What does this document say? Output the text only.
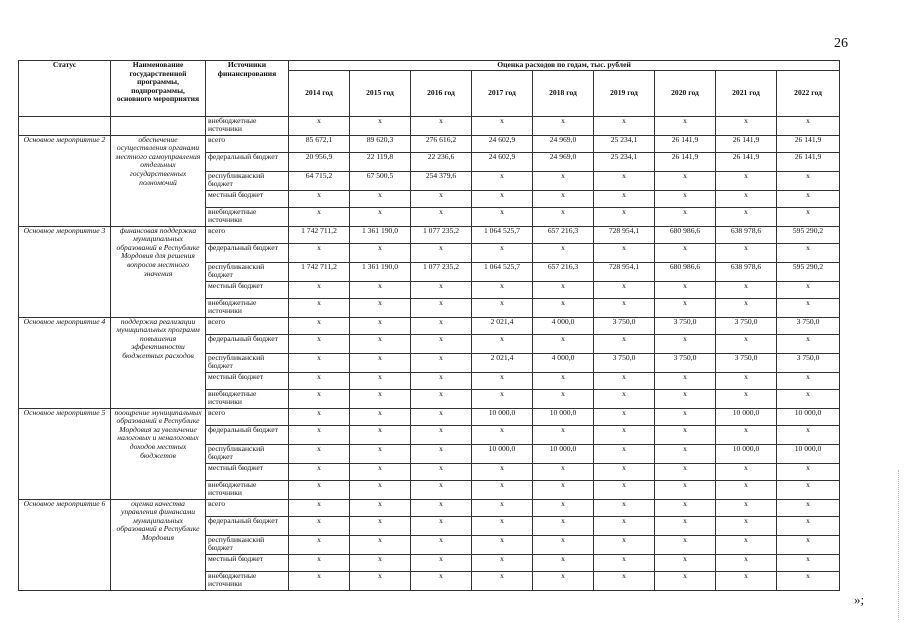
26
Статус	Наименование государственной программы, подпрограммы, основного мероприятия	Источники финансирования	Оценка расходов по годам, тыс. рублей								
			2014 год	2015 год	2016 год	2017 год	2018 год	2019 год	2020 год	2021 год	2022 год
		внебюджетные источники	x	x	x	x	x	x	x	x	x
Основное мероприятие 2	обеспечение осуществления органами местного самоуправления отдельных государственных полномочий	всего	85 672,1	89 620,3	276 616,2	24 602,9	24 969,0	25 234,1	26 141,9	26 141,9	26 141,9
		федеральный бюджет	20 956,9	22 119,8	22 236,6	24 602,9	24 969,0	25 234,1	26 141,9	26 141,9	26 141,9
		республиканский бюджет	64 715,2	67 500,5	254 379,6	x	x	x	x	x	x
		местный бюджет	x	x	x	x	x	x	x	x	x
		внебюджетные источники	x	x	x	x	x	x	x	x	x
Основное мероприятие 3	финансовая поддержка муниципальных образований в Республике Мордовия для решения вопросов местного значения	всего	1 742 711,2	1 361 190,0	1 077 235,2	1 064 525,7	657 216,3	728 954,1	680 986,6	638 978,6	595 290,2
		федеральный бюджет	x	x	x	x	x	x	x	x	x
		республиканский бюджет	1 742 711,2	1 361 190,0	1 077 235,2	1 064 525,7	657 216,3	728 954,1	680 986,6	638 978,6	595 290,2
		местный бюджет	x	x	x	x	x	x	x	x	x
		внебюджетные источники	x	x	x	x	x	x	x	x	x
Основное мероприятие 4	поддержка реализации муниципальных программ повышения эффективности бюджетных расходов	всего	x	x	x	2 021,4	4 000,0	3 750,0	3 750,0	3 750,0	3 750,0
		федеральный бюджет	x	x	x	x	x	x	x	x	x
		республиканский бюджет	x	x	x	2 021,4	4 000,0	3 750,0	3 750,0	3 750,0	3 750,0
		местный бюджет	x	x	x	x	x	x	x	x	x
		внебюджетные источники	x	x	x	x	x	x	x	x	x
Основное мероприятие 5	поощрение муниципальных образований в Республике Мордовия за увеличение налоговых и неналоговых доходов местных бюджетов	всего	x	x	x	10 000,0	10 000,0	x	x	10 000,0	10 000,0
		федеральный бюджет	x	x	x	x	x	x	x	x	x
		республиканский бюджет	x	x	x	10 000,0	10 000,0	x	x	10 000,0	10 000,0
		местный бюджет	x	x	x	x	x	x	x	x	x
		внебюджетные источники	x	x	x	x	x	x	x	x	x
Основное мероприятие 6	оценка качества управления финансами муниципальных образований в Республике Мордовия	всего	x	x	x	x	x	x	x	x	x
		федеральный бюджет	x	x	x	x	x	x	x	x	x
		республиканский бюджет	x	x	x	x	x	x	x	x	x
		местный бюджет	x	x	x	x	x	x	x	x	x
		внебюджетные источники	x	x	x	x	x	x	x	x	x
»;
